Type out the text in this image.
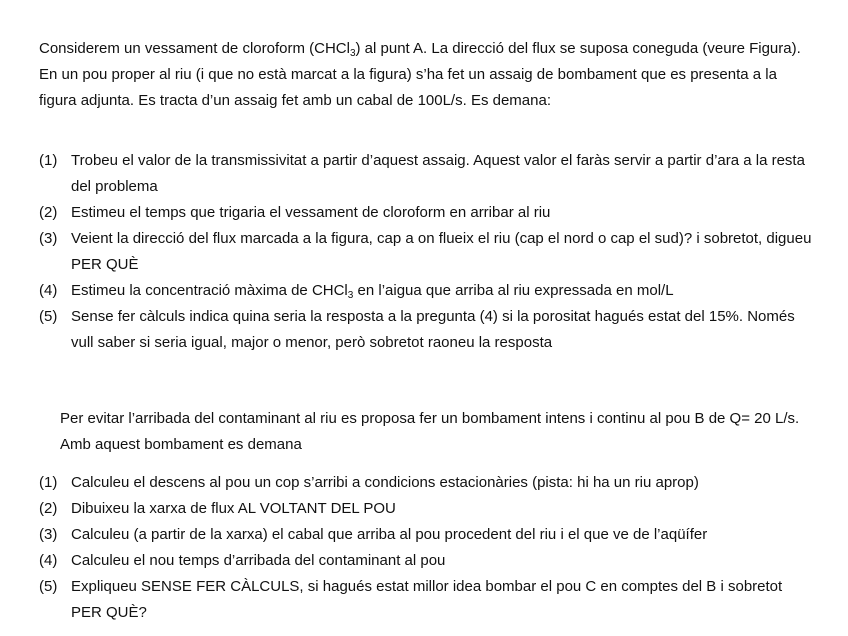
Considerem un vessament de cloroform (CHCl$_3$) al punt A. La direcció del flux se suposa coneguda (veure Figura). En un pou proper al riu (i que no està marcat a la figura) s’ha fet un assaig de bombament que es presenta a la figura adjunta. Es tracta d’un assaig fet amb un cabal de 100L/s. Es demana:

(1) Trobeu el valor de la transmissivitat a partir d’aquest assaig. Aquest valor el faràs servir a partir d’ara a la resta del problema
(2) Estimeu el temps que trigaria el vessament de cloroform en arribar al riu
(3) Veient la direcció del flux marcada a la figura, cap a on flueix el riu (cap el nord o cap el sud)? i sobretot, digueu PER QUÈ
(4) Estimeu la concentració màxima de CHCl$_3$ en l’aigua que arriba al riu expressada en mol/L
(5) Sense fer càlculs indica quina seria la resposta a la pregunta (4) si la porositat hagués estat del 15%. Només vull saber si seria igual, major o menor, però sobretot raoneu la resposta

Per evitar l’arribada del contaminant al riu es proposa fer un bombament intens i continu al pou B de Q= 20 L/s. Amb aquest bombament es demana

(1) Calculeu el descens al pou un cop s’arribi a condicions estacionàries (pista: hi ha un riu aprop)
(2) Dibuixeu la xarxa de flux AL VOLTANT DEL POU
(3) Calculeu (a partir de la xarxa) el cabal que arriba al pou procedent del riu i el que ve de l’aqüífer
(4) Calculeu el nou temps d’arribada del contaminant al pou
(5) Expliqueu SENSE FER CÀLCULS, si hagués estat millor idea bombar el pou C en comptes del B i sobretot PER QUÈ?
